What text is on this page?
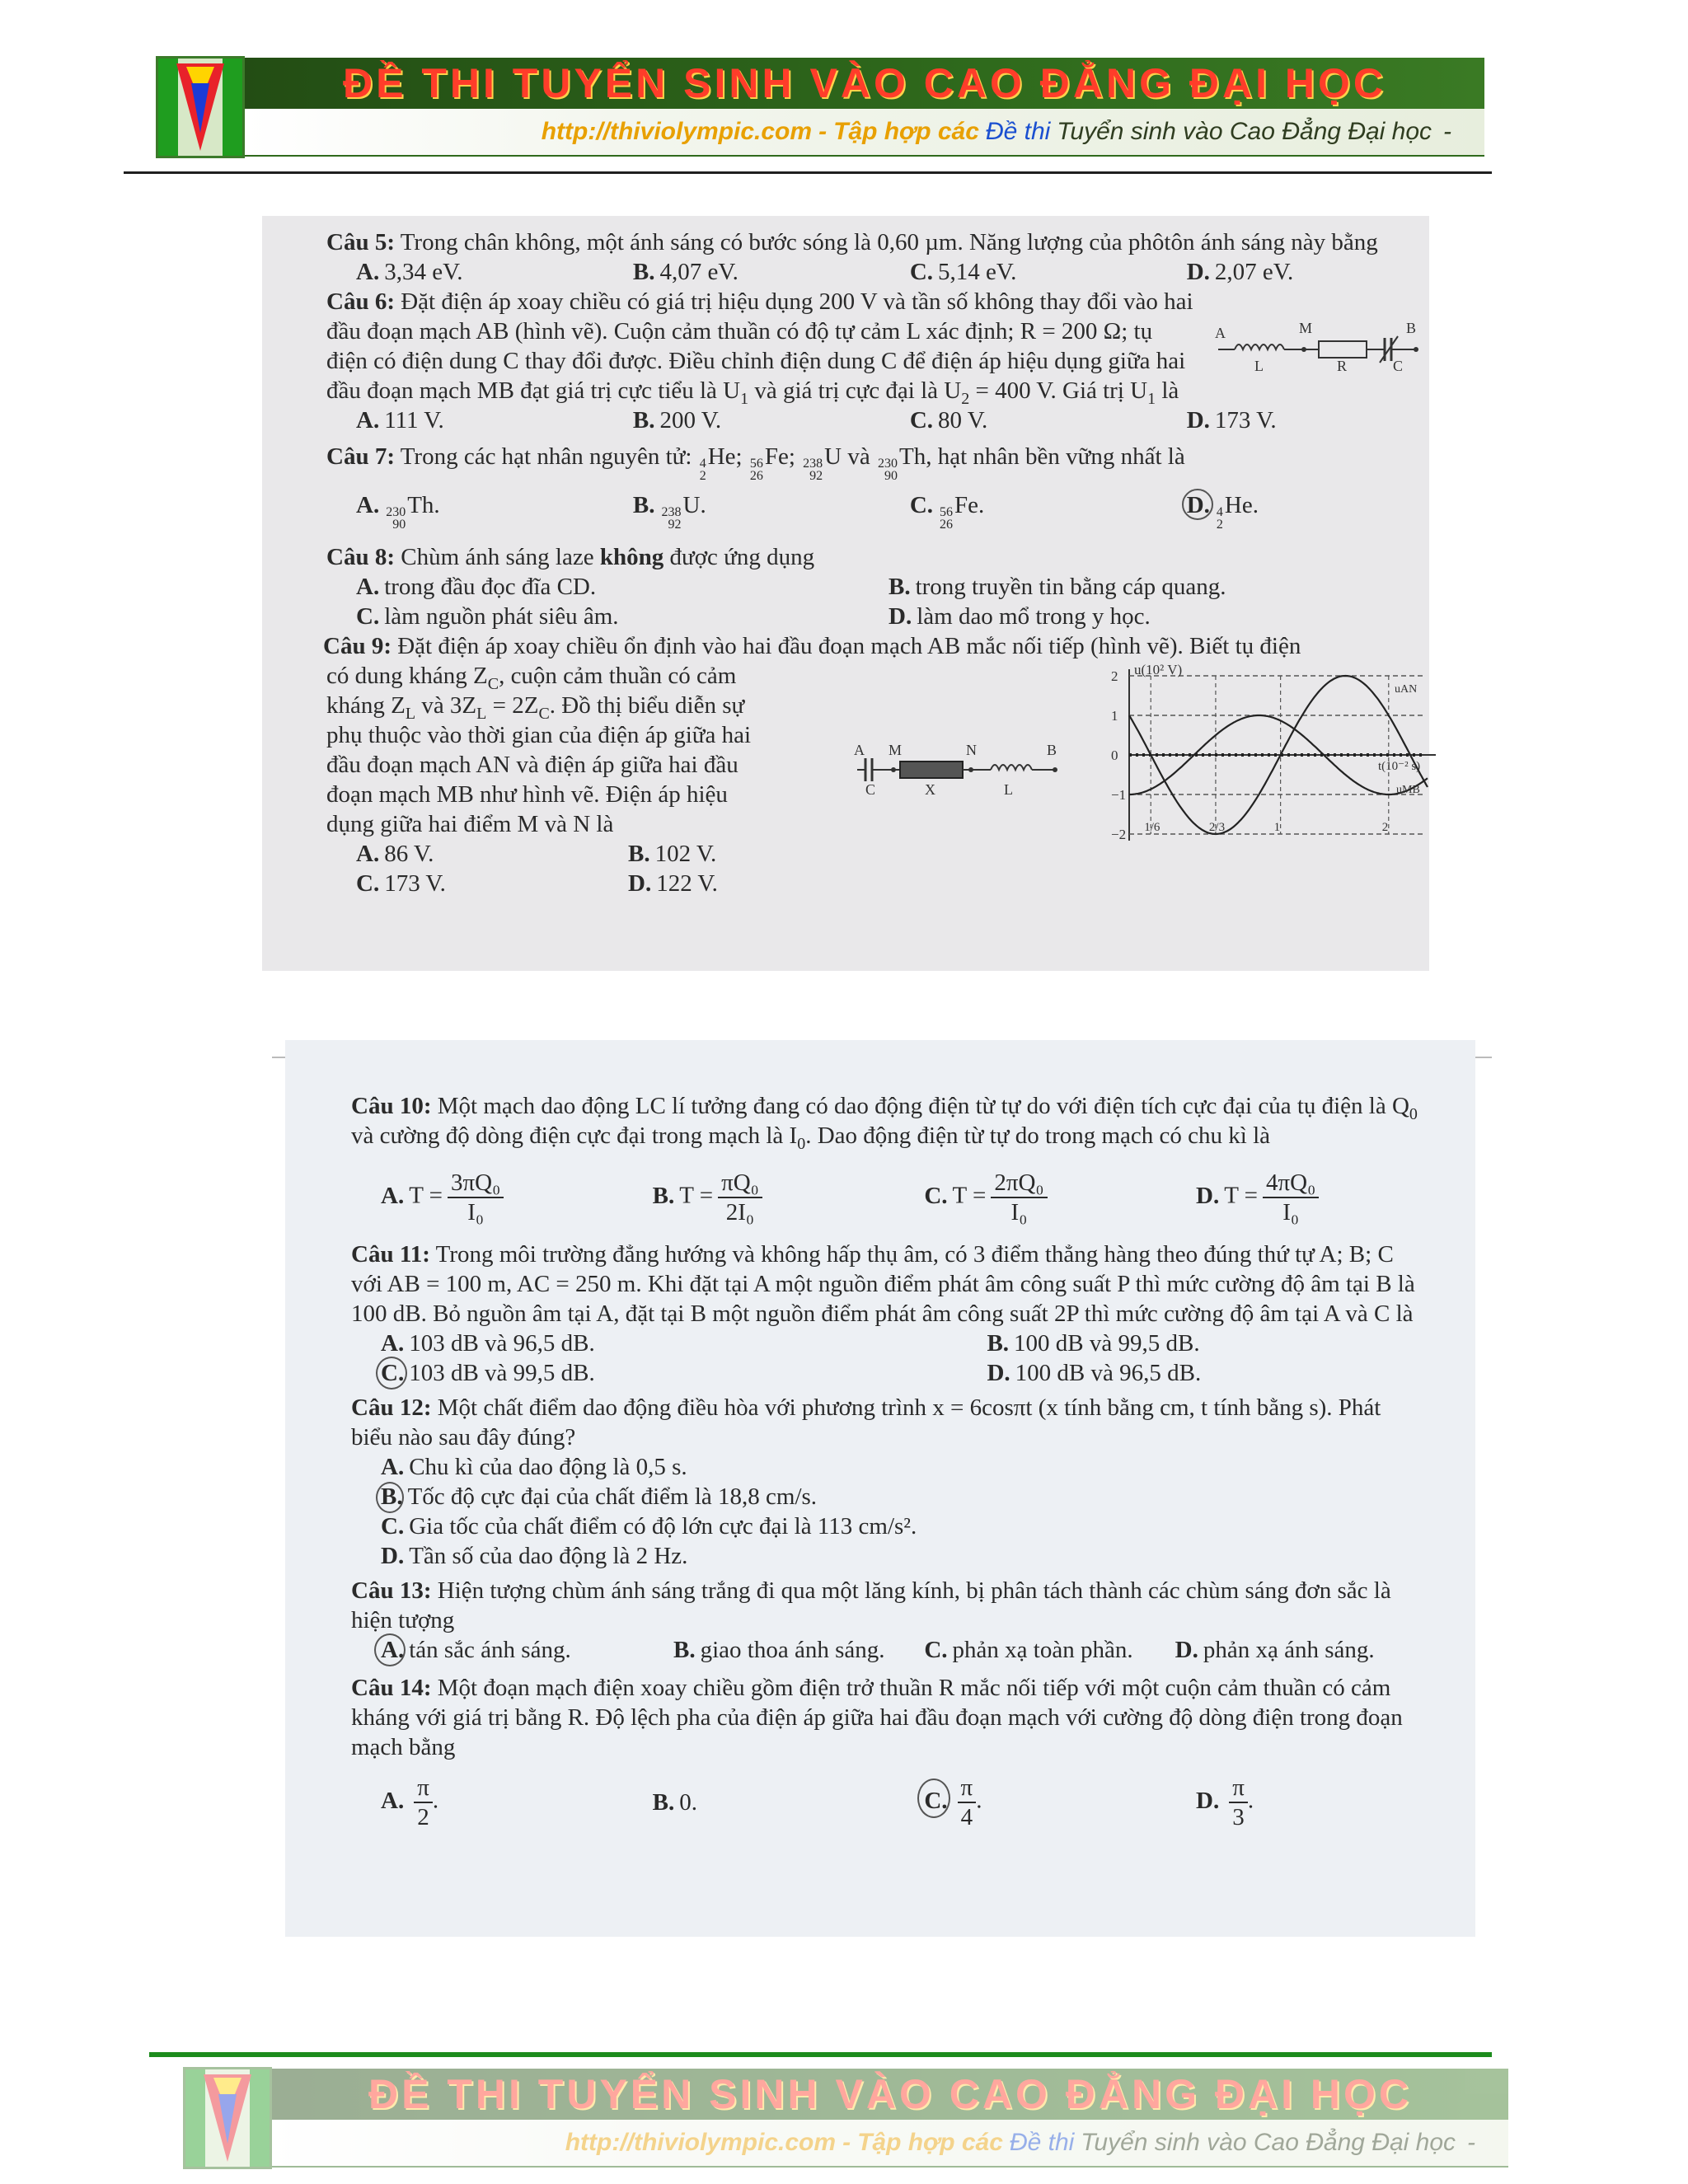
ĐỀ THI TUYỂN SINH VÀO CAO ĐẲNG ĐẠI HỌC
http://thiviolympic.com - Tập hợp các Đề thi Tuyển sinh vào Cao Đẳng Đại học -

Câu 5: Trong chân không, một ánh sáng có bước sóng là 0,60 µm. Năng lượng của phôtôn ánh sáng này bằng

A. 3,34 eV.	B. 4,07 eV.	C. 5,14 eV.	D. 2,07 eV.

Câu 6: Đặt điện áp xoay chiều có giá trị hiệu dụng 200 V và tần số không thay đổi vào hai đầu đoạn mạch AB (hình vẽ). Cuộn cảm thuần có độ tự cảm L xác định; R = 200 Ω; tụ điện có điện dung C thay đổi được. Điều chỉnh điện dung C để điện áp hiệu dụng giữa hai đầu đoạn mạch MB đạt giá trị cực tiểu là $U_1$ và giá trị cực đại là $U_2 = 400$ V. Giá trị $U_1$ là

A	M	B
L	R	C
A. 111 V.	B. 200 V.	C. 80 V.	D. 173 V.

Câu 7: Trong các hạt nhân nguyên tử: 4
2
He; 56
26
Fe; 238
92
U và 230
90
Th, hạt nhân bền vững nhất là

A. 230
90
Th.	B. 238
92
U.	C. 56
26
Fe.	D. 4
2
He.

Câu 8: Chùm ánh sáng laze không được ứng dụng

A. trong đầu đọc đĩa CD.	B. trong truyền tin bằng cáp quang.
C. làm nguồn phát siêu âm.	D. làm dao mổ trong y học.

Câu 9: Đặt điện áp xoay chiều ổn định vào hai đầu đoạn mạch AB mắc nối tiếp (hình vẽ). Biết tụ điện

có dung kháng $Z_C$, cuộn cảm thuần có cảm

kháng $Z_L$ và $3Z_L = 2Z_C$. Đồ thị biểu diễn sự

phụ thuộc vào thời gian của điện áp giữa hai

đầu đoạn mạch AN và điện áp giữa hai đầu

đoạn mạch MB như hình vẽ. Điện áp hiệu

dụng giữa hai điểm M và N là

A. 86 V.	B. 102 V.
C. 173 V.	D. 122 V.
A M	N	B
C	X	L
2
1
0
−1
−2 1/6	2/3	1	2
u(10² V)
t(10⁻² s)
uAN
uMB

Câu 10: Một mạch dao động LC lí tưởng đang có dao động điện từ tự do với điện tích cực đại của tụ điện là $Q_0$ và cường độ dòng điện cực đại trong mạch là $I_0$. Dao động điện từ tự do trong mạch có chu kì là

A. $T = \frac{\text{3πQ₀}}{\text{I₀}}$	B. $T = \frac{\text{πQ₀}}{\text{2I₀}}$	C. $T = \frac{\text{2πQ₀}}{\text{I₀}}$	D. $T = \frac{\text{4πQ₀}}{\text{I₀}}$

Câu 11: Trong môi trường đẳng hướng và không hấp thụ âm, có 3 điểm thẳng hàng theo đúng thứ tự A; B; C với AB = 100 m, AC = 250 m. Khi đặt tại A một nguồn điểm phát âm công suất P thì mức cường độ âm tại B là 100 dB. Bỏ nguồn âm tại A, đặt tại B một nguồn điểm phát âm công suất 2P thì mức cường độ âm tại A và C là

A. 103 dB và 96,5 dB.	B. 100 dB và 99,5 dB.
C. 103 dB và 99,5 dB.	D. 100 dB và 96,5 dB.

Câu 12: Một chất điểm dao động điều hòa với phương trình x = 6cosπt (x tính bằng cm, t tính bằng s). Phát biểu nào sau đây đúng?

A. Chu kì của dao động là 0,5 s.

B. Tốc độ cực đại của chất điểm là 18,8 cm/s.

C. Gia tốc của chất điểm có độ lớn cực đại là 113 cm/s².

D. Tần số của dao động là 2 Hz.

Câu 13: Hiện tượng chùm ánh sáng trắng đi qua một lăng kính, bị phân tách thành các chùm sáng đơn sắc là hiện tượng

A. tán sắc ánh sáng.	B. giao thoa ánh sáng.	C. phản xạ toàn phần.	D. phản xạ ánh sáng.

Câu 14: Một đoạn mạch điện xoay chiều gồm điện trở thuần R mắc nối tiếp với một cuộn cảm thuần có cảm kháng với giá trị bằng R. Độ lệch pha của điện áp giữa hai đầu đoạn mạch với cường độ dòng điện trong đoạn mạch bằng

A. $\frac{\pi}{2}$ .	B. 0.	C. $\frac{\pi}{4}$ .	D. $\frac{\pi}{3}$ .
ĐỀ THI TUYỂN SINH VÀO CAO ĐẲNG ĐẠI HỌC
http://thiviolympic.com - Tập hợp các Đề thi Tuyển sinh vào Cao Đẳng Đại học -
